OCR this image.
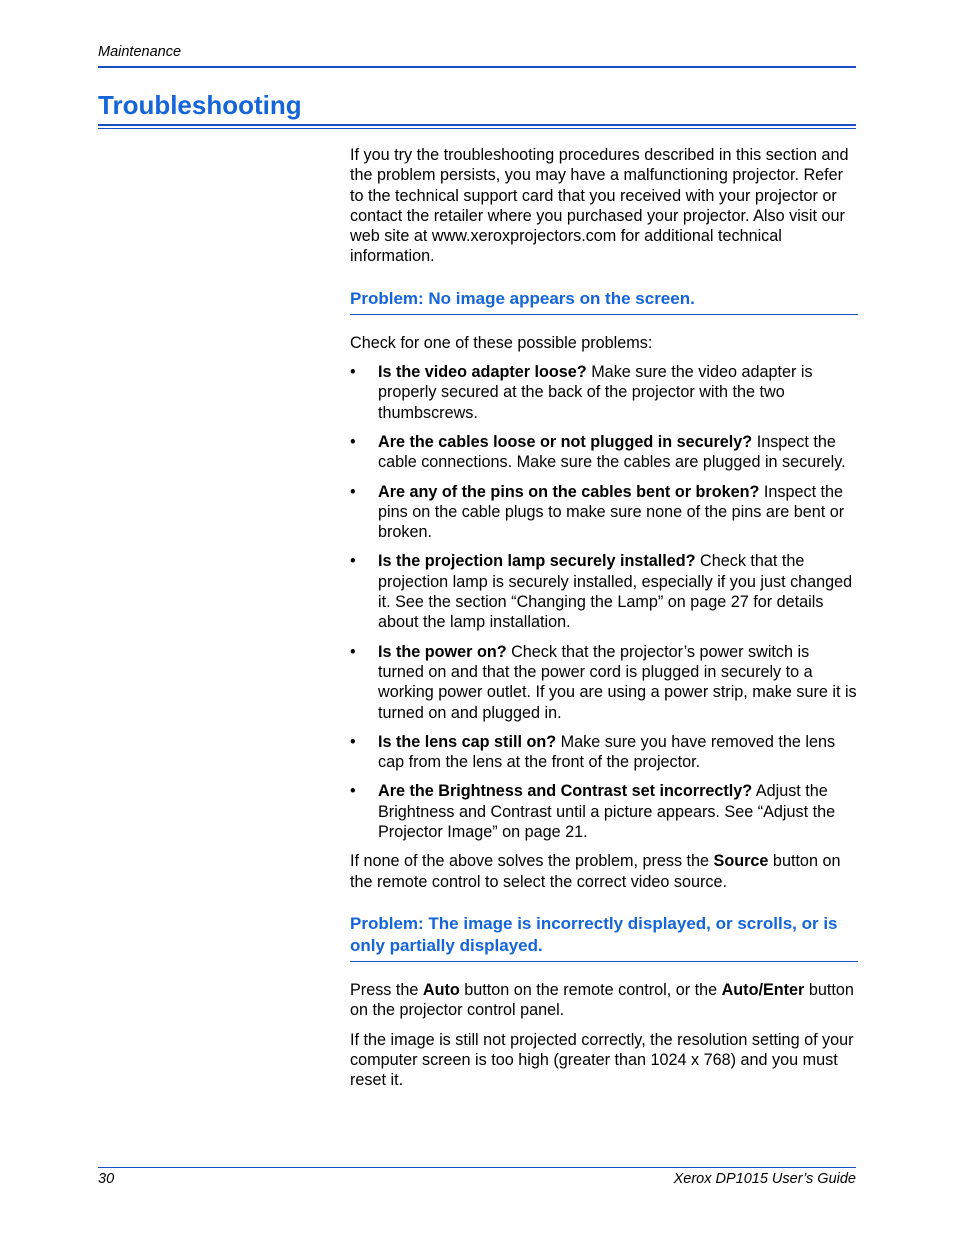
Maintenance
Troubleshooting

If you try the troubleshooting procedures described in this section and the problem persists, you may have a malfunctioning projector. Refer to the technical support card that you received with your projector or contact the retailer where you purchased your projector. Also visit our web site at www.xeroxprojectors.com for additional technical information.

Problem: No image appears on the screen.

Check for one of these possible problems:

• Is the video adapter loose? Make sure the video adapter is properly secured at the back of the projector with the two thumbscrews.
• Are the cables loose or not plugged in securely? Inspect the cable connections. Make sure the cables are plugged in securely.
• Are any of the pins on the cables bent or broken? Inspect the pins on the cable plugs to make sure none of the pins are bent or broken.
• Is the projection lamp securely installed? Check that the projection lamp is securely installed, especially if you just changed it. See the section “Changing the Lamp” on page 27 for details about the lamp installation.
• Is the power on? Check that the projector’s power switch is turned on and that the power cord is plugged in securely to a working power outlet. If you are using a power strip, make sure it is turned on and plugged in.
• Is the lens cap still on? Make sure you have removed the lens cap from the lens at the front of the projector.
• Are the Brightness and Contrast set incorrectly? Adjust the Brightness and Contrast until a picture appears. See “Adjust the Projector Image” on page 21.

If none of the above solves the problem, press the Source button on the remote control to select the correct video source.

Problem: The image is incorrectly displayed, or scrolls, or is only partially displayed.

Press the Auto button on the remote control, or the Auto/Enter button on the projector control panel.

If the image is still not projected correctly, the resolution setting of your computer screen is too high (greater than 1024 x 768) and you must reset it.

30	Xerox DP1015 User’s Guide
